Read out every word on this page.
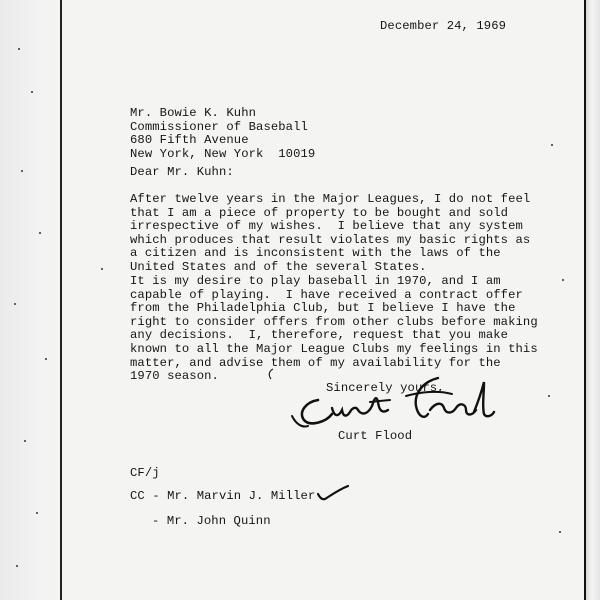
December 24, 1969
Mr. Bowie K. Kuhn
Commissioner of Baseball
680 Fifth Avenue
New York, New York  10019
Dear Mr. Kuhn:
After twelve years in the Major Leagues, I do not feel
that I am a piece of property to be bought and sold
irrespective of my wishes.  I believe that any system
which produces that result violates my basic rights as
a citizen and is inconsistent with the laws of the
United States and of the several States.
It is my desire to play baseball in 1970, and I am
capable of playing.  I have received a contract offer
from the Philadelphia Club, but I believe I have the
right to consider offers from other clubs before making
any decisions.  I, therefore, request that you make
known to all the Major League Clubs my feelings in this
matter, and advise them of my availability for the
1970 season.
Sincerely yours,
Curt Flood
CF/j
CC - Mr. Marvin J. Miller
- Mr. John Quinn
